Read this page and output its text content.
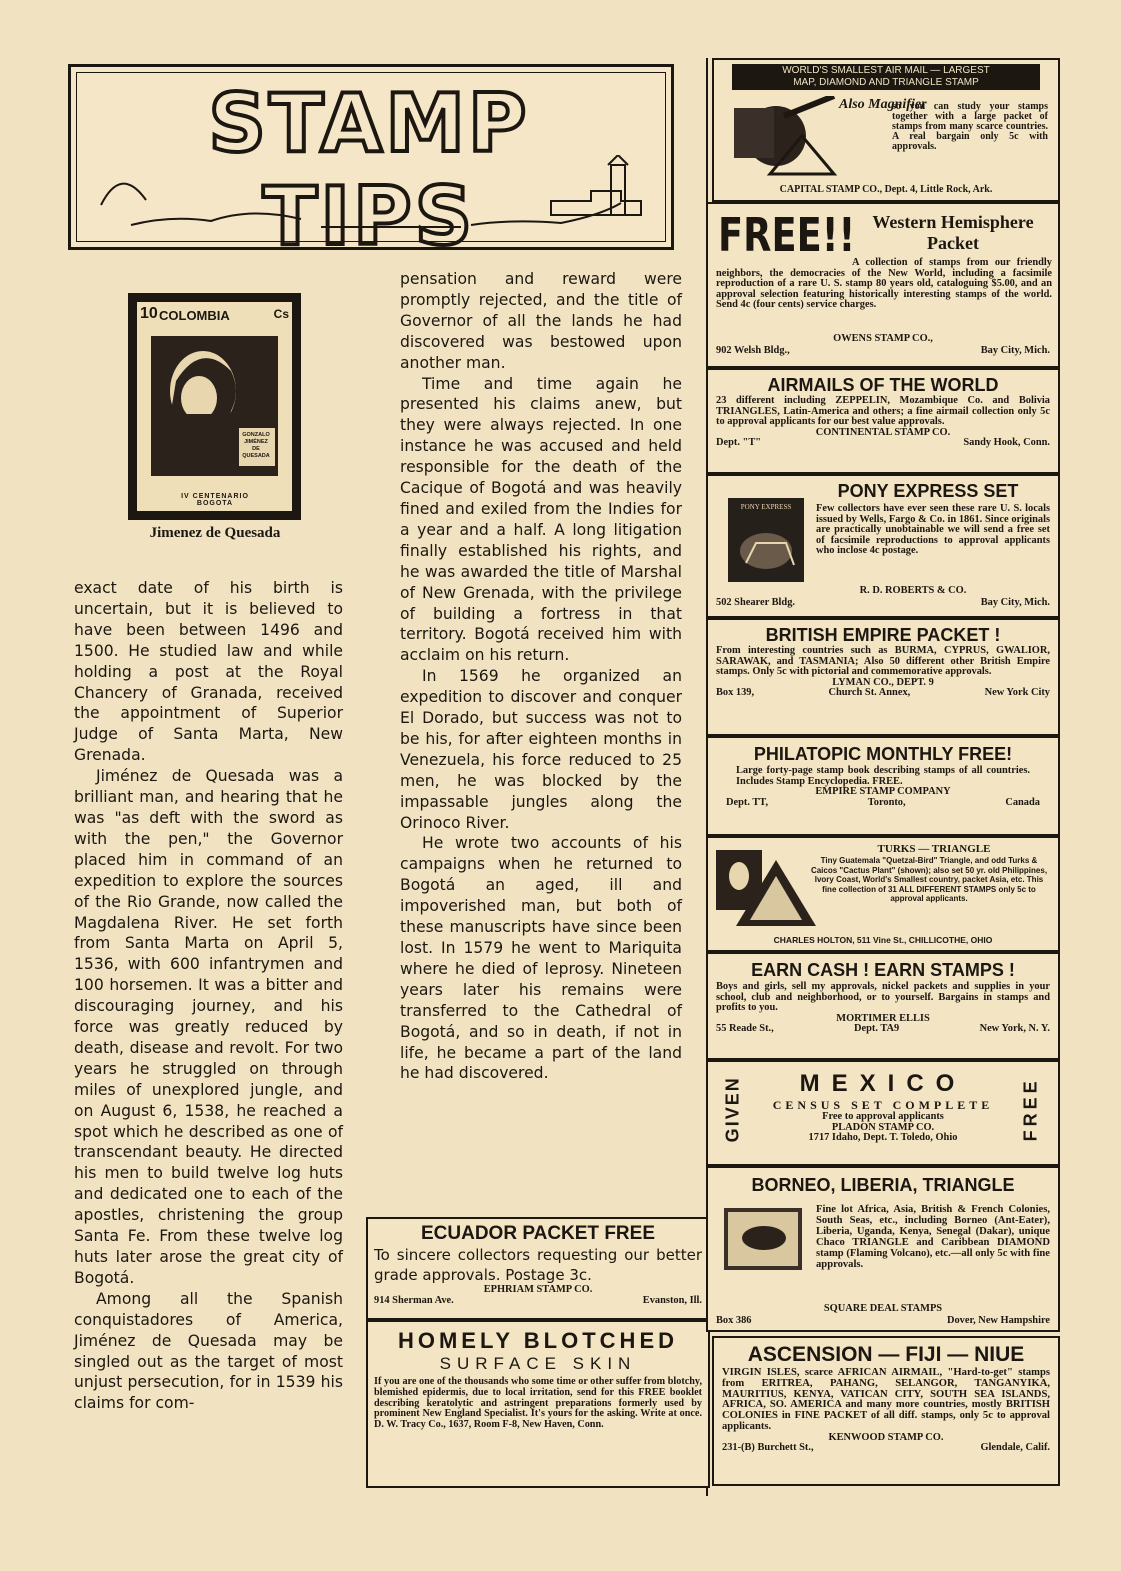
STAMP TIPS
10 COLOMBIA	Cs
GONZALO
JIMÉNEZ
DE QUESADA
IV CENTENARIO
BOGOTA
Jimenez de Quesada

exact date of his birth is uncertain, but it is believed to have been between 1496 and 1500. He studied law and while holding a post at the Royal Chancery of Granada, received the appointment of Superior Judge of Santa Marta, New Grenada.

Jiménez de Quesada was a brilliant man, and hearing that he was "as deft with the sword as with the pen," the Governor placed him in command of an expedition to explore the sources of the Rio Grande, now called the Magdalena River. He set forth from Santa Marta on April 5, 1536, with 600 infantrymen and 100 horsemen. It was a bitter and discouraging journey, and his force was greatly reduced by death, disease and revolt. For two years he struggled on through miles of unexplored jungle, and on August 6, 1538, he reached a spot which he described as one of transcendant beauty. He directed his men to build twelve log huts and dedicated one to each of the apostles, christening the group Santa Fe. From these twelve log huts later arose the great city of Bogotá.

Among all the Spanish conquistadores of America, Jiménez de Quesada may be singled out as the target of most unjust persecution, for in 1539 his claims for com-

pensation and reward were promptly rejected, and the title of Governor of all the lands he had discovered was bestowed upon another man.

Time and time again he presented his claims anew, but they were always rejected. In one instance he was accused and held responsible for the death of the Cacique of Bogotá and was heavily fined and exiled from the Indies for a year and a half. A long litigation finally established his rights, and he was awarded the title of Marshal of New Grenada, with the privilege of building a fortress in that territory. Bogotá received him with acclaim on his return.

In 1569 he organized an expedition to discover and conquer El Dorado, but success was not to be his, for after eighteen months in Venezuela, his force reduced to 25 men, he was blocked by the impassable jungles along the Orinoco River.

He wrote two accounts of his campaigns when he returned to Bogotá an aged, ill and impoverished man, but both of these manuscripts have since been lost. In 1579 he went to Mariquita where he died of leprosy. Nineteen years later his remains were transferred to the Cathedral of Bogotá, and so in death, if not in life, he became a part of the land he had discovered.

ECUADOR PACKET FREE
To sincere collectors requesting our better grade approvals. Postage 3c.
EPHRIAM STAMP CO.
914 Sherman Ave.	Evanston, Ill.
HOMELY BLOTCHED
SURFACE SKIN
If you are one of the thousands who some time or other suffer from blotchy, blemished epidermis, due to local irritation, send for this FREE booklet describing keratolytic and astringent preparations formerly used by prominent New England Specialist. It's yours for the asking. Write at once. D. W. Tracy Co., 1637, Room F-8, New Haven, Conn.
WORLD'S SMALLEST AIR MAIL — LARGEST
MAP, DIAMOND AND TRIANGLE STAMP
Also Magnifier
so you can study your stamps together with a large packet of stamps from many scarce countries. A real bargain only 5c with approvals.
CAPITAL STAMP CO., Dept. 4, Little Rock, Ark.
FREE!! Western Hemisphere
Packet
A collection of stamps from our friendly neighbors, the democracies of the New World, including a facsimile reproduction of a rare U. S. stamp 80 years old, cataloguing $5.00, and an approval selection featuring historically interesting stamps of the world. Send 4c (four cents) service charges.
OWENS STAMP CO.,
902 Welsh Bldg.,	Bay City, Mich.
AIRMAILS OF THE WORLD
23 different including ZEPPELIN, Mozambique Co. and Bolivia TRIANGLES, Latin-America and others; a fine airmail collection only 5c to approval applicants for our best value approvals.
CONTINENTAL STAMP CO.
Dept. "T"	Sandy Hook, Conn.
PONY EXPRESS SET
PONY EXPRESS	Few collectors have ever seen these rare U. S. locals issued by Wells, Fargo & Co. in 1861. Since originals are practically unobtainable we will send a free set of facsimile reproductions to approval applicants who inclose 4c postage.
R. D. ROBERTS & CO.
502 Shearer Bldg.	Bay City, Mich.
BRITISH EMPIRE PACKET !
From interesting countries such as BURMA, CYPRUS, GWALIOR, SARAWAK, and TASMANIA; Also 50 different other British Empire stamps. Only 5c with pictorial and commemorative approvals.
LYMAN CO., DEPT. 9
Box 139,	Church St. Annex,	New York City
PHILATOPIC MONTHLY FREE!
Large forty-page stamp book describing stamps of all countries. Includes Stamp Encyclopedia. FREE.
EMPIRE STAMP COMPANY
Dept. TT,	Toronto,	Canada
TURKS — TRIANGLE
Tiny Guatemala "Quetzal-Bird" Triangle, and odd Turks & Caicos "Cactus Plant" (shown); also set 50 yr. old Philippines, Ivory Coast, World's Smallest country, packet Asia, etc. This fine collection of 31 ALL DIFFERENT STAMPS only 5c to approval applicants.
CHARLES HOLTON, 511 Vine St., CHILLICOTHE, OHIO
EARN CASH ! EARN STAMPS !
Boys and girls, sell my approvals, nickel packets and supplies in your school, club and neighborhood, or to yourself. Bargains in stamps and profits to you.
MORTIMER ELLIS
55 Reade St.,	Dept. TA9	New York, N. Y.
GIVEN	FREE
MEXICO
CENSUS SET COMPLETE
Free to approval applicants
PLADON STAMP CO.
1717 Idaho, Dept. T. Toledo, Ohio
BORNEO, LIBERIA, TRIANGLE
Fine lot Africa, Asia, British & French Colonies, South Seas, etc., including Borneo (Ant-Eater), Liberia, Uganda, Kenya, Senegal (Dakar), unique Chaco TRIANGLE and Caribbean DIAMOND stamp (Flaming Volcano), etc.—all only 5c with fine approvals.
SQUARE DEAL STAMPS
Box 386	Dover, New Hampshire
ASCENSION — FIJI — NIUE
VIRGIN ISLES, scarce AFRICAN AIRMAIL, "Hard-to-get" stamps from ERITREA, PAHANG, SELANGOR, TANGANYIKA, MAURITIUS, KENYA, VATICAN CITY, SOUTH SEA ISLANDS, AFRICA, SO. AMERICA and many more countries, mostly BRITISH COLONIES in FINE PACKET of all diff. stamps, only 5c to approval applicants.
KENWOOD STAMP CO.
231-(B) Burchett St.,	Glendale, Calif.
